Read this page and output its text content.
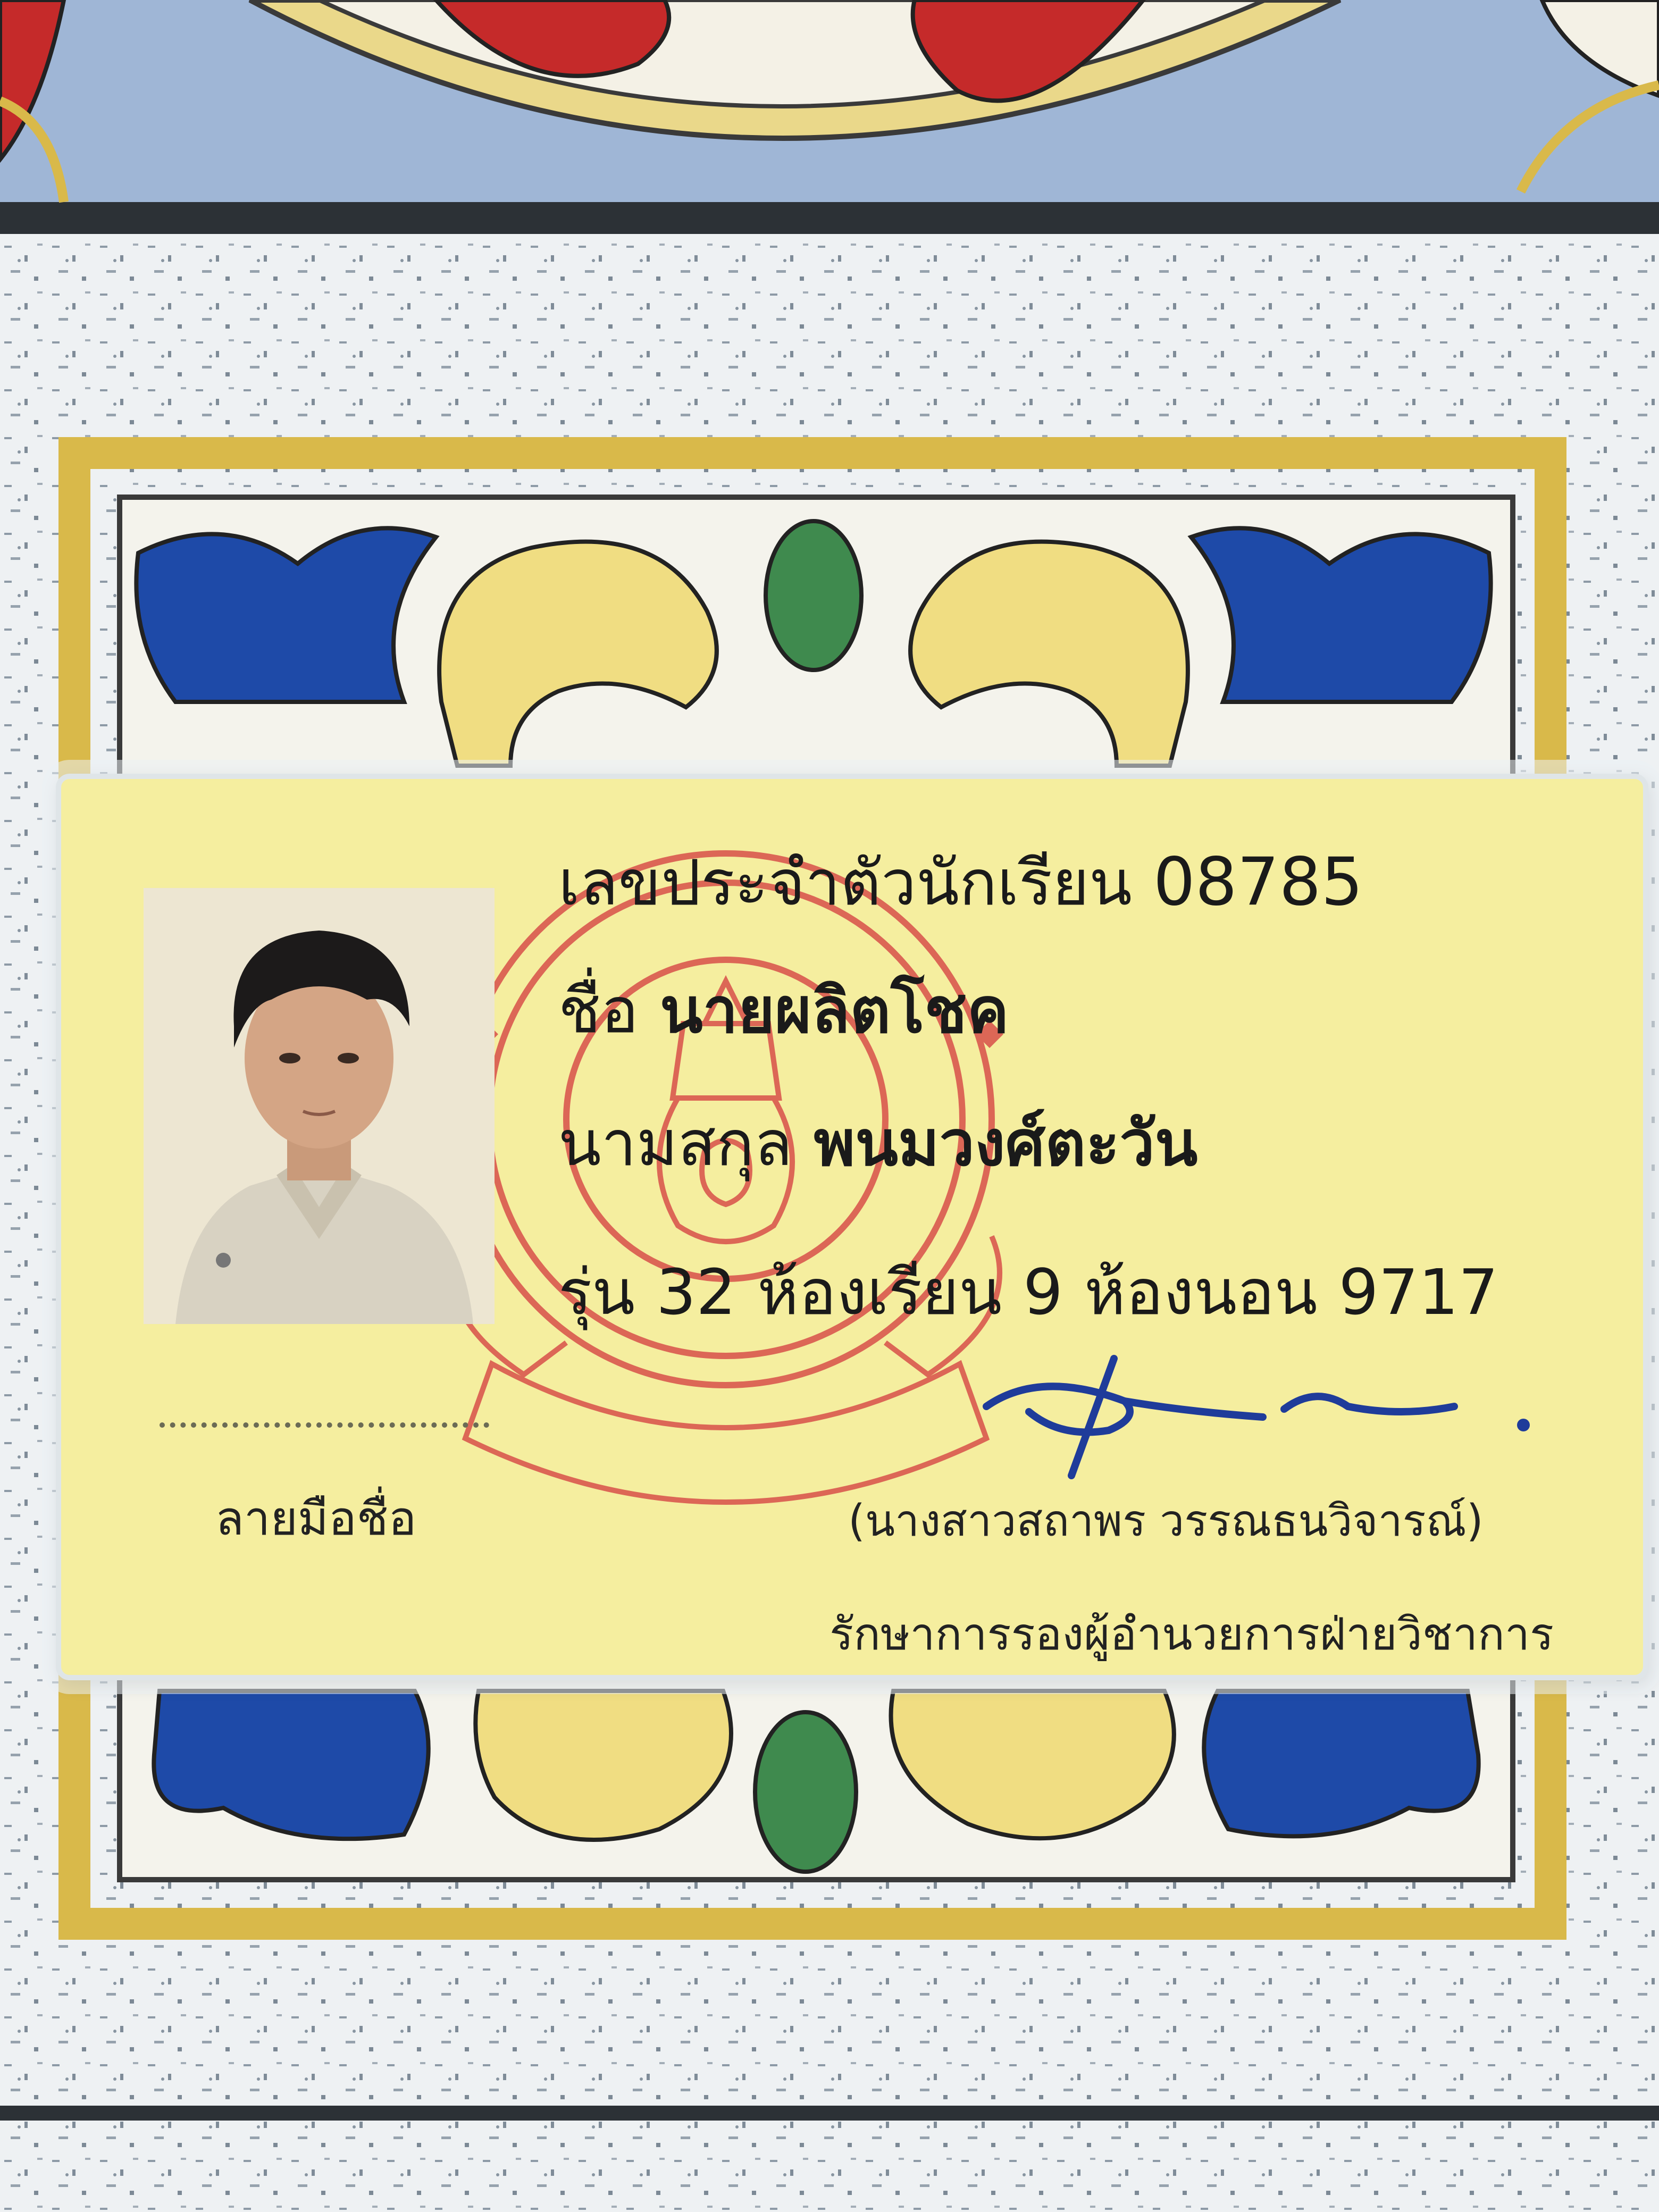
เลขประจำตัวนักเรียน 08785
ชื่อ นายผลิตโชค
นามสกุล พนมวงศ์ตะวัน
รุ่น 32 ห้องเรียน 9 ห้องนอน 9717
ลายมือชื่อ	(นางสาวสถาพร วรรณธนวิจารณ์)
รักษาการรองผู้อำนวยการฝ่ายวิชาการ
